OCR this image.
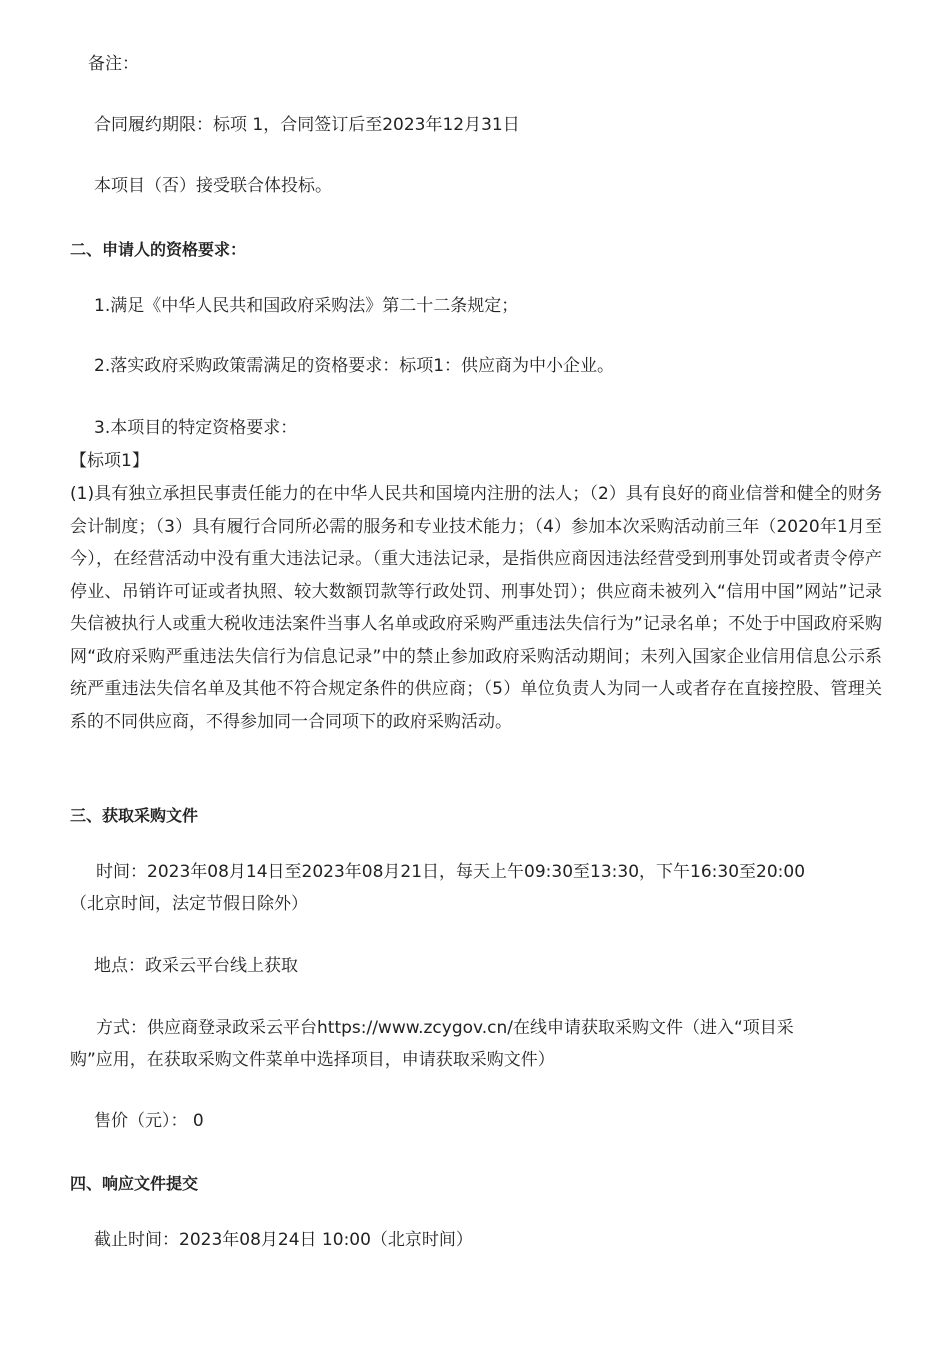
备注：
合同履约期限：标项 1，合同签订后至2023年12月31日
本项目（否）接受联合体投标。
二、申请人的资格要求：
1.满足《中华人民共和国政府采购法》第二十二条规定；
2.落实政府采购政策需满足的资格要求：标项1：供应商为中小企业。
3.本项目的特定资格要求：
【标项1】

(1)具有独立承担民事责任能力的在中华人民共和国境内注册的法人；（2）具有良好的商业信誉和健全的财务会计制度；（3）具有履行合同所必需的服务和专业技术能力；（4）参加本次采购活动前三年（2020年1月至今），在经营活动中没有重大违法记录。（重大违法记录，是指供应商因违法经营受到刑事处罚或者责令停产停业、吊销许可证或者执照、较大数额罚款等行政处罚、刑事处罚）；供应商未被列入“信用中国”网站”记录失信被执行人或重大税收违法案件当事人名单或政府采购严重违法失信行为”记录名单；不处于中国政府采购网“政府采购严重违法失信行为信息记录”中的禁止参加政府采购活动期间；未列入国家企业信用信息公示系统严重违法失信名单及其他不符合规定条件的供应商；（5）单位负责人为同一人或者存在直接控股、管理关系的不同供应商，不得参加同一合同项下的政府采购活动。

三、获取采购文件
时间：2023年08月14日至2023年08月21日，每天上午09:30至13:30，下午16:30至20:00
（北京时间，法定节假日除外）
地点：政采云平台线上获取
方式：供应商登录政采云平台https://www.zcygov.cn/在线申请获取采购文件（进入“项目采
购”应用，在获取采购文件菜单中选择项目，申请获取采购文件）
售价（元）： 0
四、响应文件提交
截止时间：2023年08月24日 10:00（北京时间）
